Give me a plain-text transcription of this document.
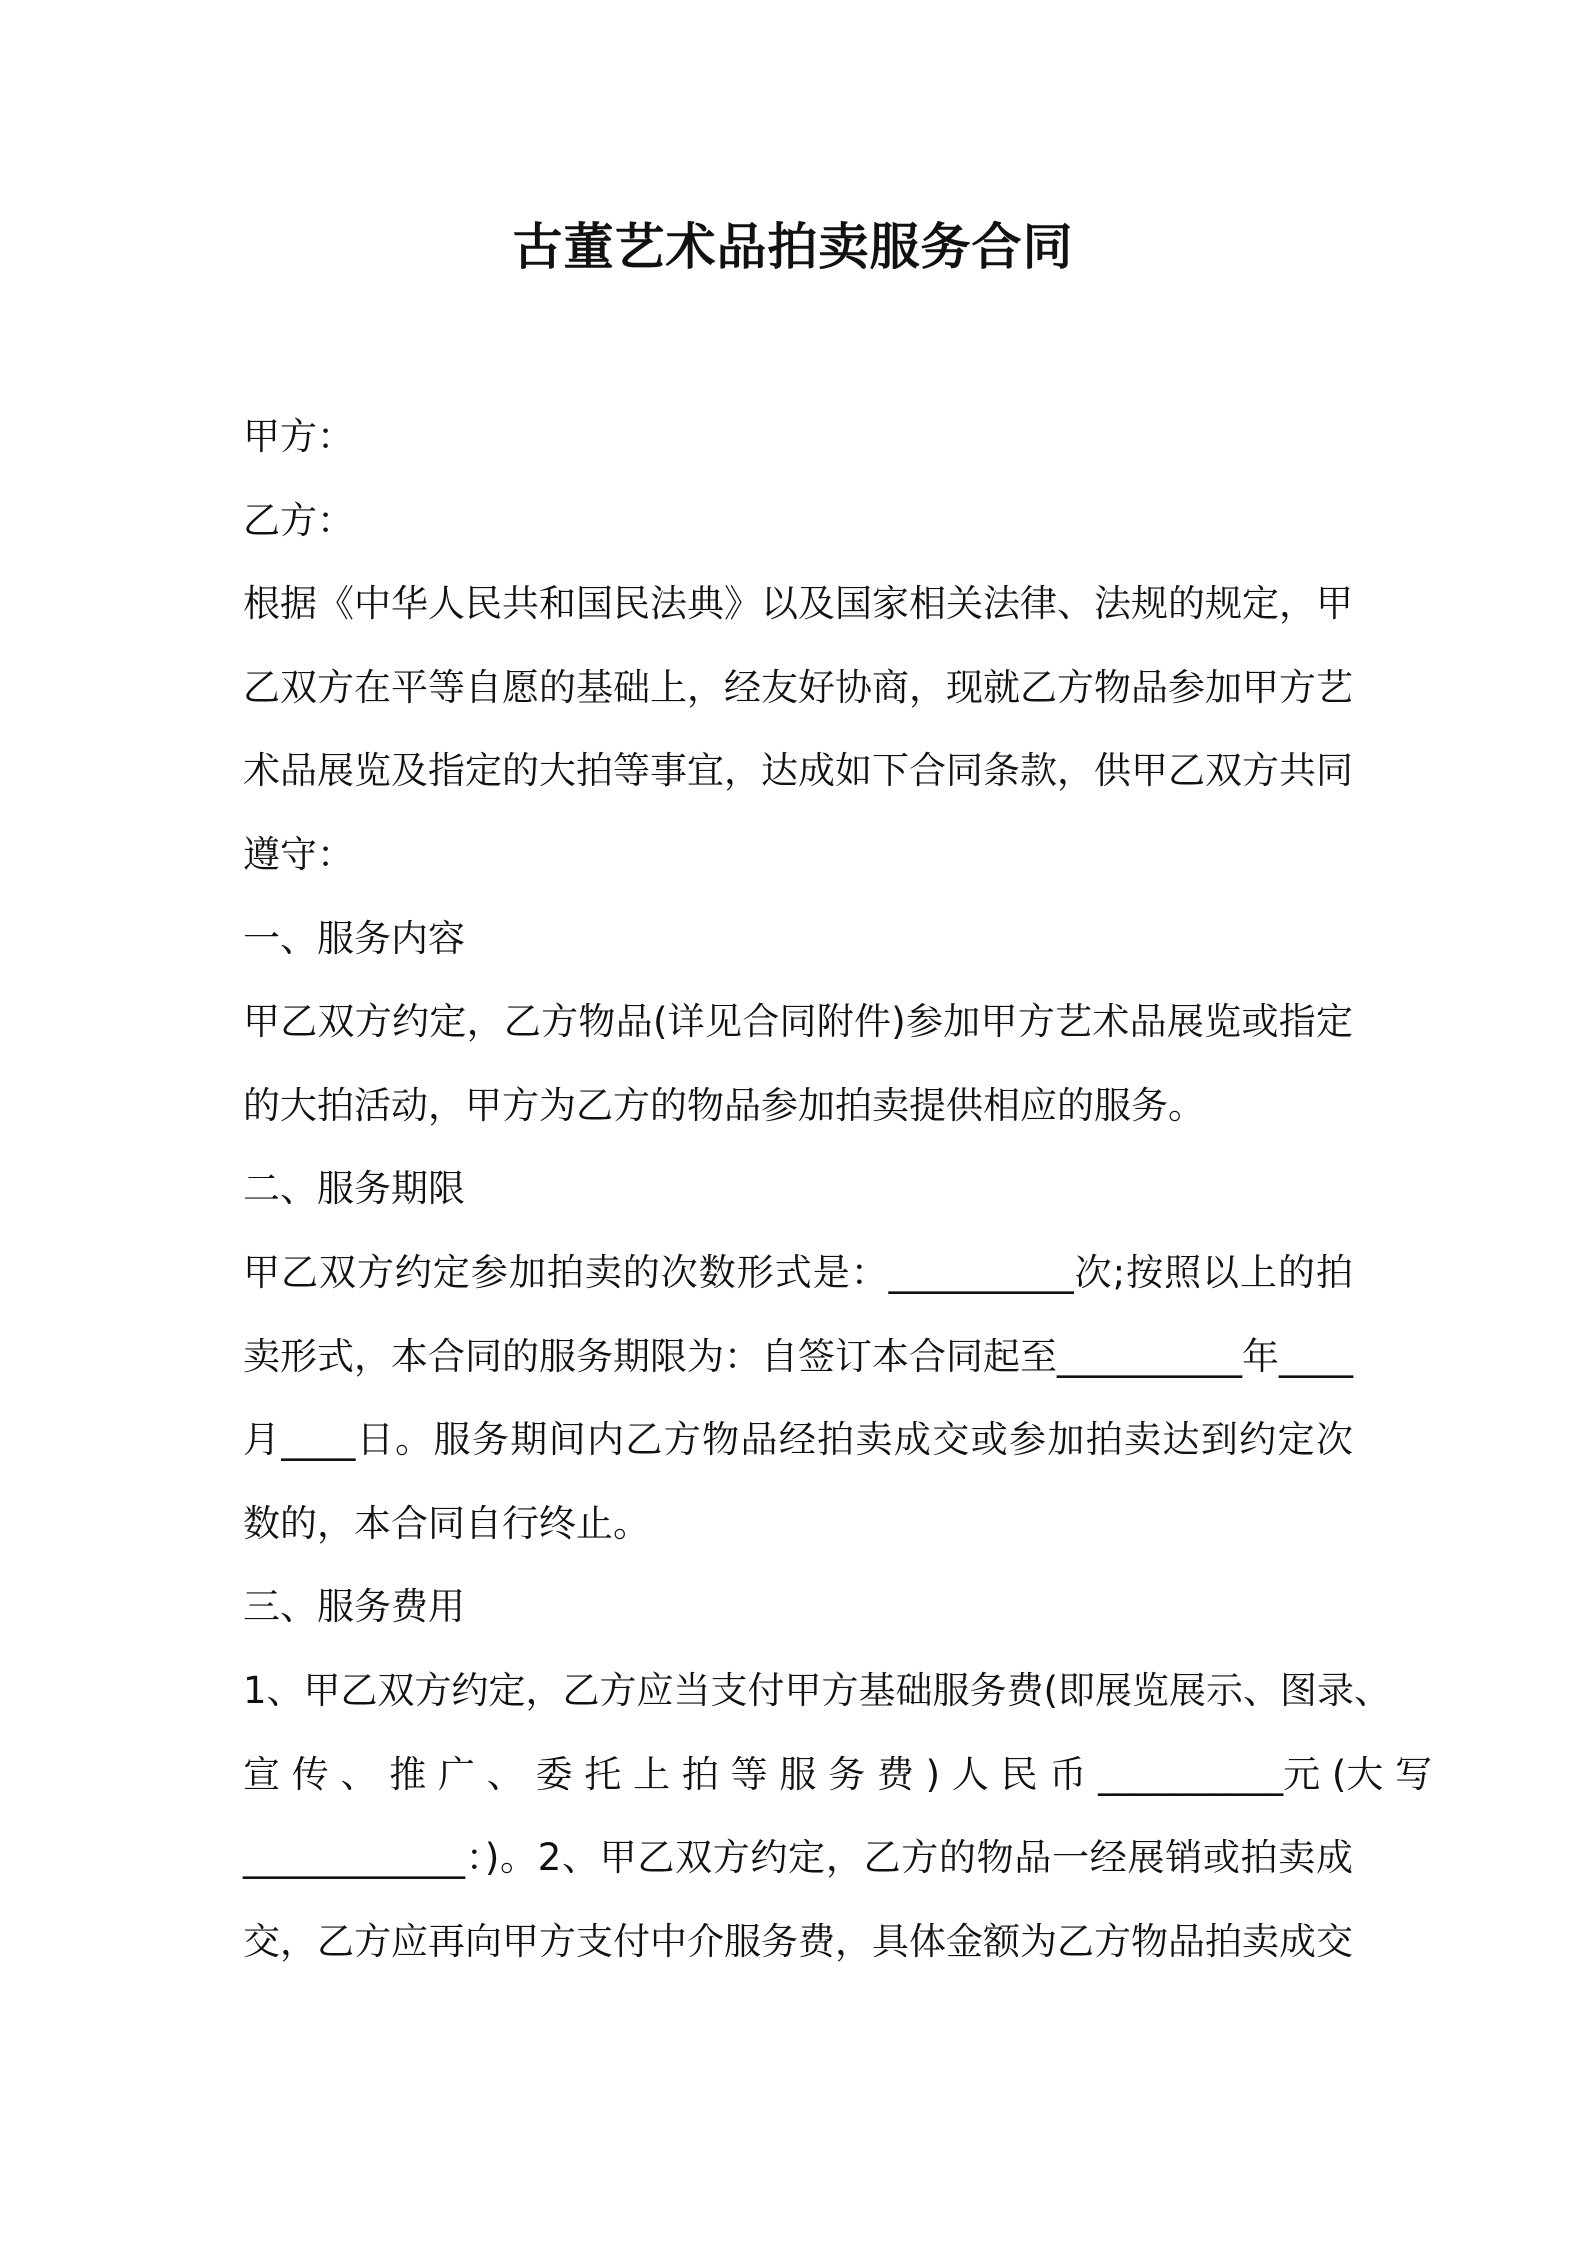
古董艺术品拍卖服务合同
甲方：
乙方：
根据《中华人民共和国民法典》以及国家相关法律、法规的规定，甲
乙双方在平等自愿的基础上，经友好协商，现就乙方物品参加甲方艺
术品展览及指定的大拍等事宜，达成如下合同条款，供甲乙双方共同
遵守：
一、服务内容
甲乙双方约定，乙方物品(详见合同附件)参加甲方艺术品展览或指定
的大拍活动，甲方为乙方的物品参加拍卖提供相应的服务。
二、服务期限
甲乙双方约定参加拍卖的次数形式是：__________次;按照以上的拍
卖形式，本合同的服务期限为：自签订本合同起至__________年____
月____日。服务期间内乙方物品经拍卖成交或参加拍卖达到约定次
数的，本合同自行终止。
三、服务费用
1、甲乙双方约定，乙方应当支付甲方基础服务费(即展览展示、图录、
宣 传 、 推 广 、 委 托 上 拍 等 服 务 费 ) 人 民 币 __________元 (大 写
____________：)。2、甲乙双方约定，乙方的物品一经展销或拍卖成
交，乙方应再向甲方支付中介服务费，具体金额为乙方物品拍卖成交
